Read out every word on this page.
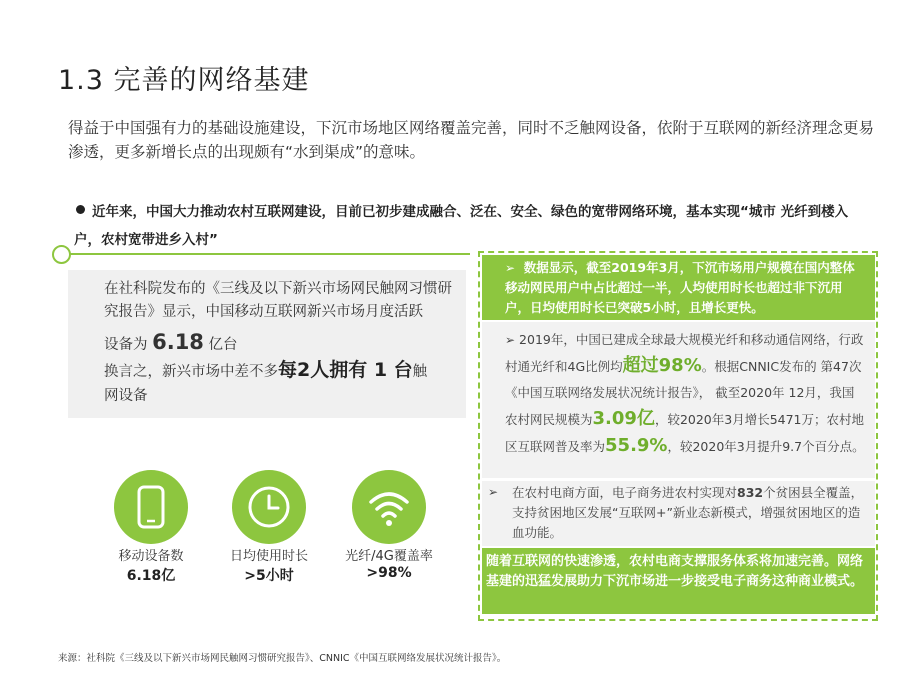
1.3 完善的网络基建
得益于中国强有力的基础设施建设，下沉市场地区网络覆盖完善，同时不乏触网设备，依附于互联网的新经济理念更易渗透，更多新增长点的出现颇有“水到渠成”的意味。
近年来，中国大力推动农村互联网建设，目前已初步建成融合、泛在、安全、绿色的宽带网络环境，基本实现“城市 光纤到楼入户，农村宽带进乡入村”
在社科院发布的《三线及以下新兴市场网民触网习惯研究报告》显示，中国移动互联网新兴市场月度活跃
设备为 6.18 亿台
换言之，新兴市场中差不多每2人拥有 1 台触
网设备
移动设备数
6.18亿
日均使用时长
>5小时
光纤/4G覆盖率
>98%
➢ 数据显示，截至2019年3月，下沉市场用户规模在国内整体移动网民用户中占比超过一半，人均使用时长也超过非下沉用户，日均使用时长已突破5小时，且增长更快。
➢ 2019年，中国已建成全球最大规模光纤和移动通信网络，行政村通光纤和4G比例均超过98%。根据CNNIC发布的 第47次《中国互联网络发展状况统计报告》， 截至2020年 12月，我国农村网民规模为3.09亿，较2020年3月增长5471万；农村地区互联网普及率为55.9%，较2020年3月提升9.7个百分点。
➢ 在农村电商方面，电子商务进农村实现对832个贫困县全覆盖，支持贫困地区发展“互联网+”新业态新模式，增强贫困地区的造血功能。
随着互联网的快速渗透，农村电商支撑服务体系将加速完善。网络基建的迅猛发展助力下沉市场进一步接受电子商务这种商业模式。
来源：社科院《三线及以下新兴市场网民触网习惯研究报告》、CNNIC《中国互联网络发展状况统计报告》。
